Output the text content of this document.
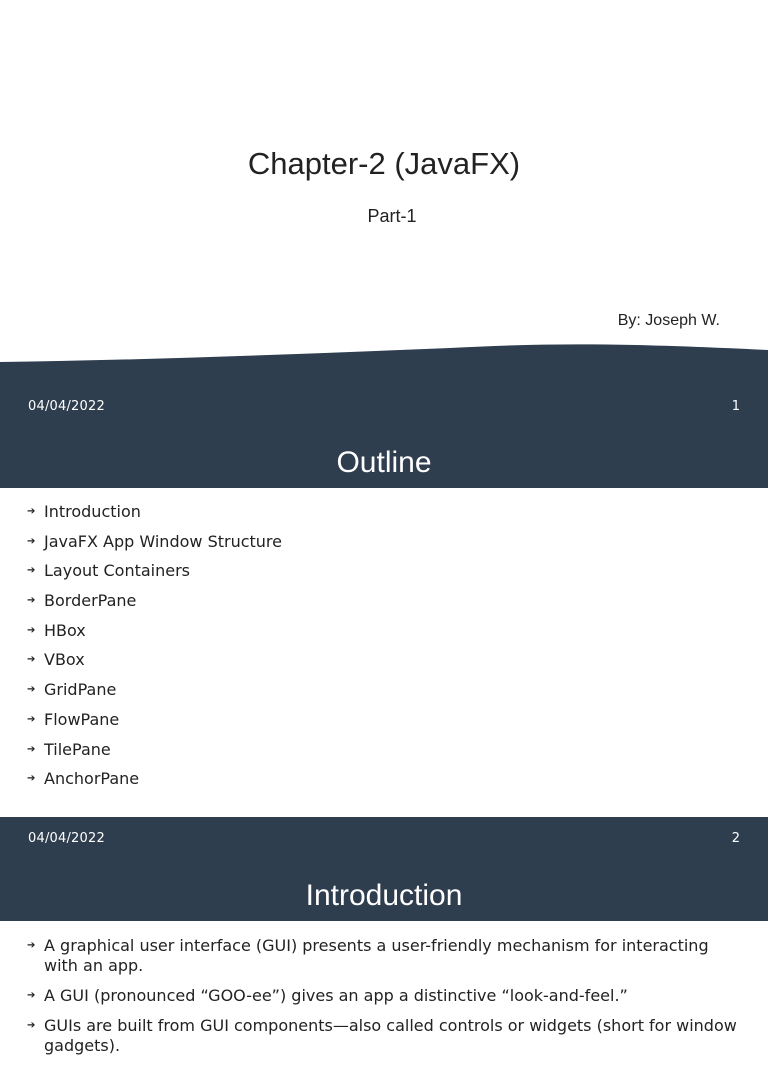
Chapter-2 (JavaFX)
Part-1
By: Joseph W.
04/04/2022	1
Outline
➔ Introduction
➔ JavaFX App Window Structure
➔ Layout Containers
➔ BorderPane
➔ HBox
➔ VBox
➔ GridPane
➔ FlowPane
➔ TilePane
➔ AnchorPane
04/04/2022	2
Introduction
➔ A graphical user interface (GUI) presents a user-friendly mechanism for interacting with an app.
➔ A GUI (pronounced “GOO-ee”) gives an app a distinctive “look-and-feel.”
➔ GUIs are built from GUI components—also called controls or widgets (short for window gadgets).
